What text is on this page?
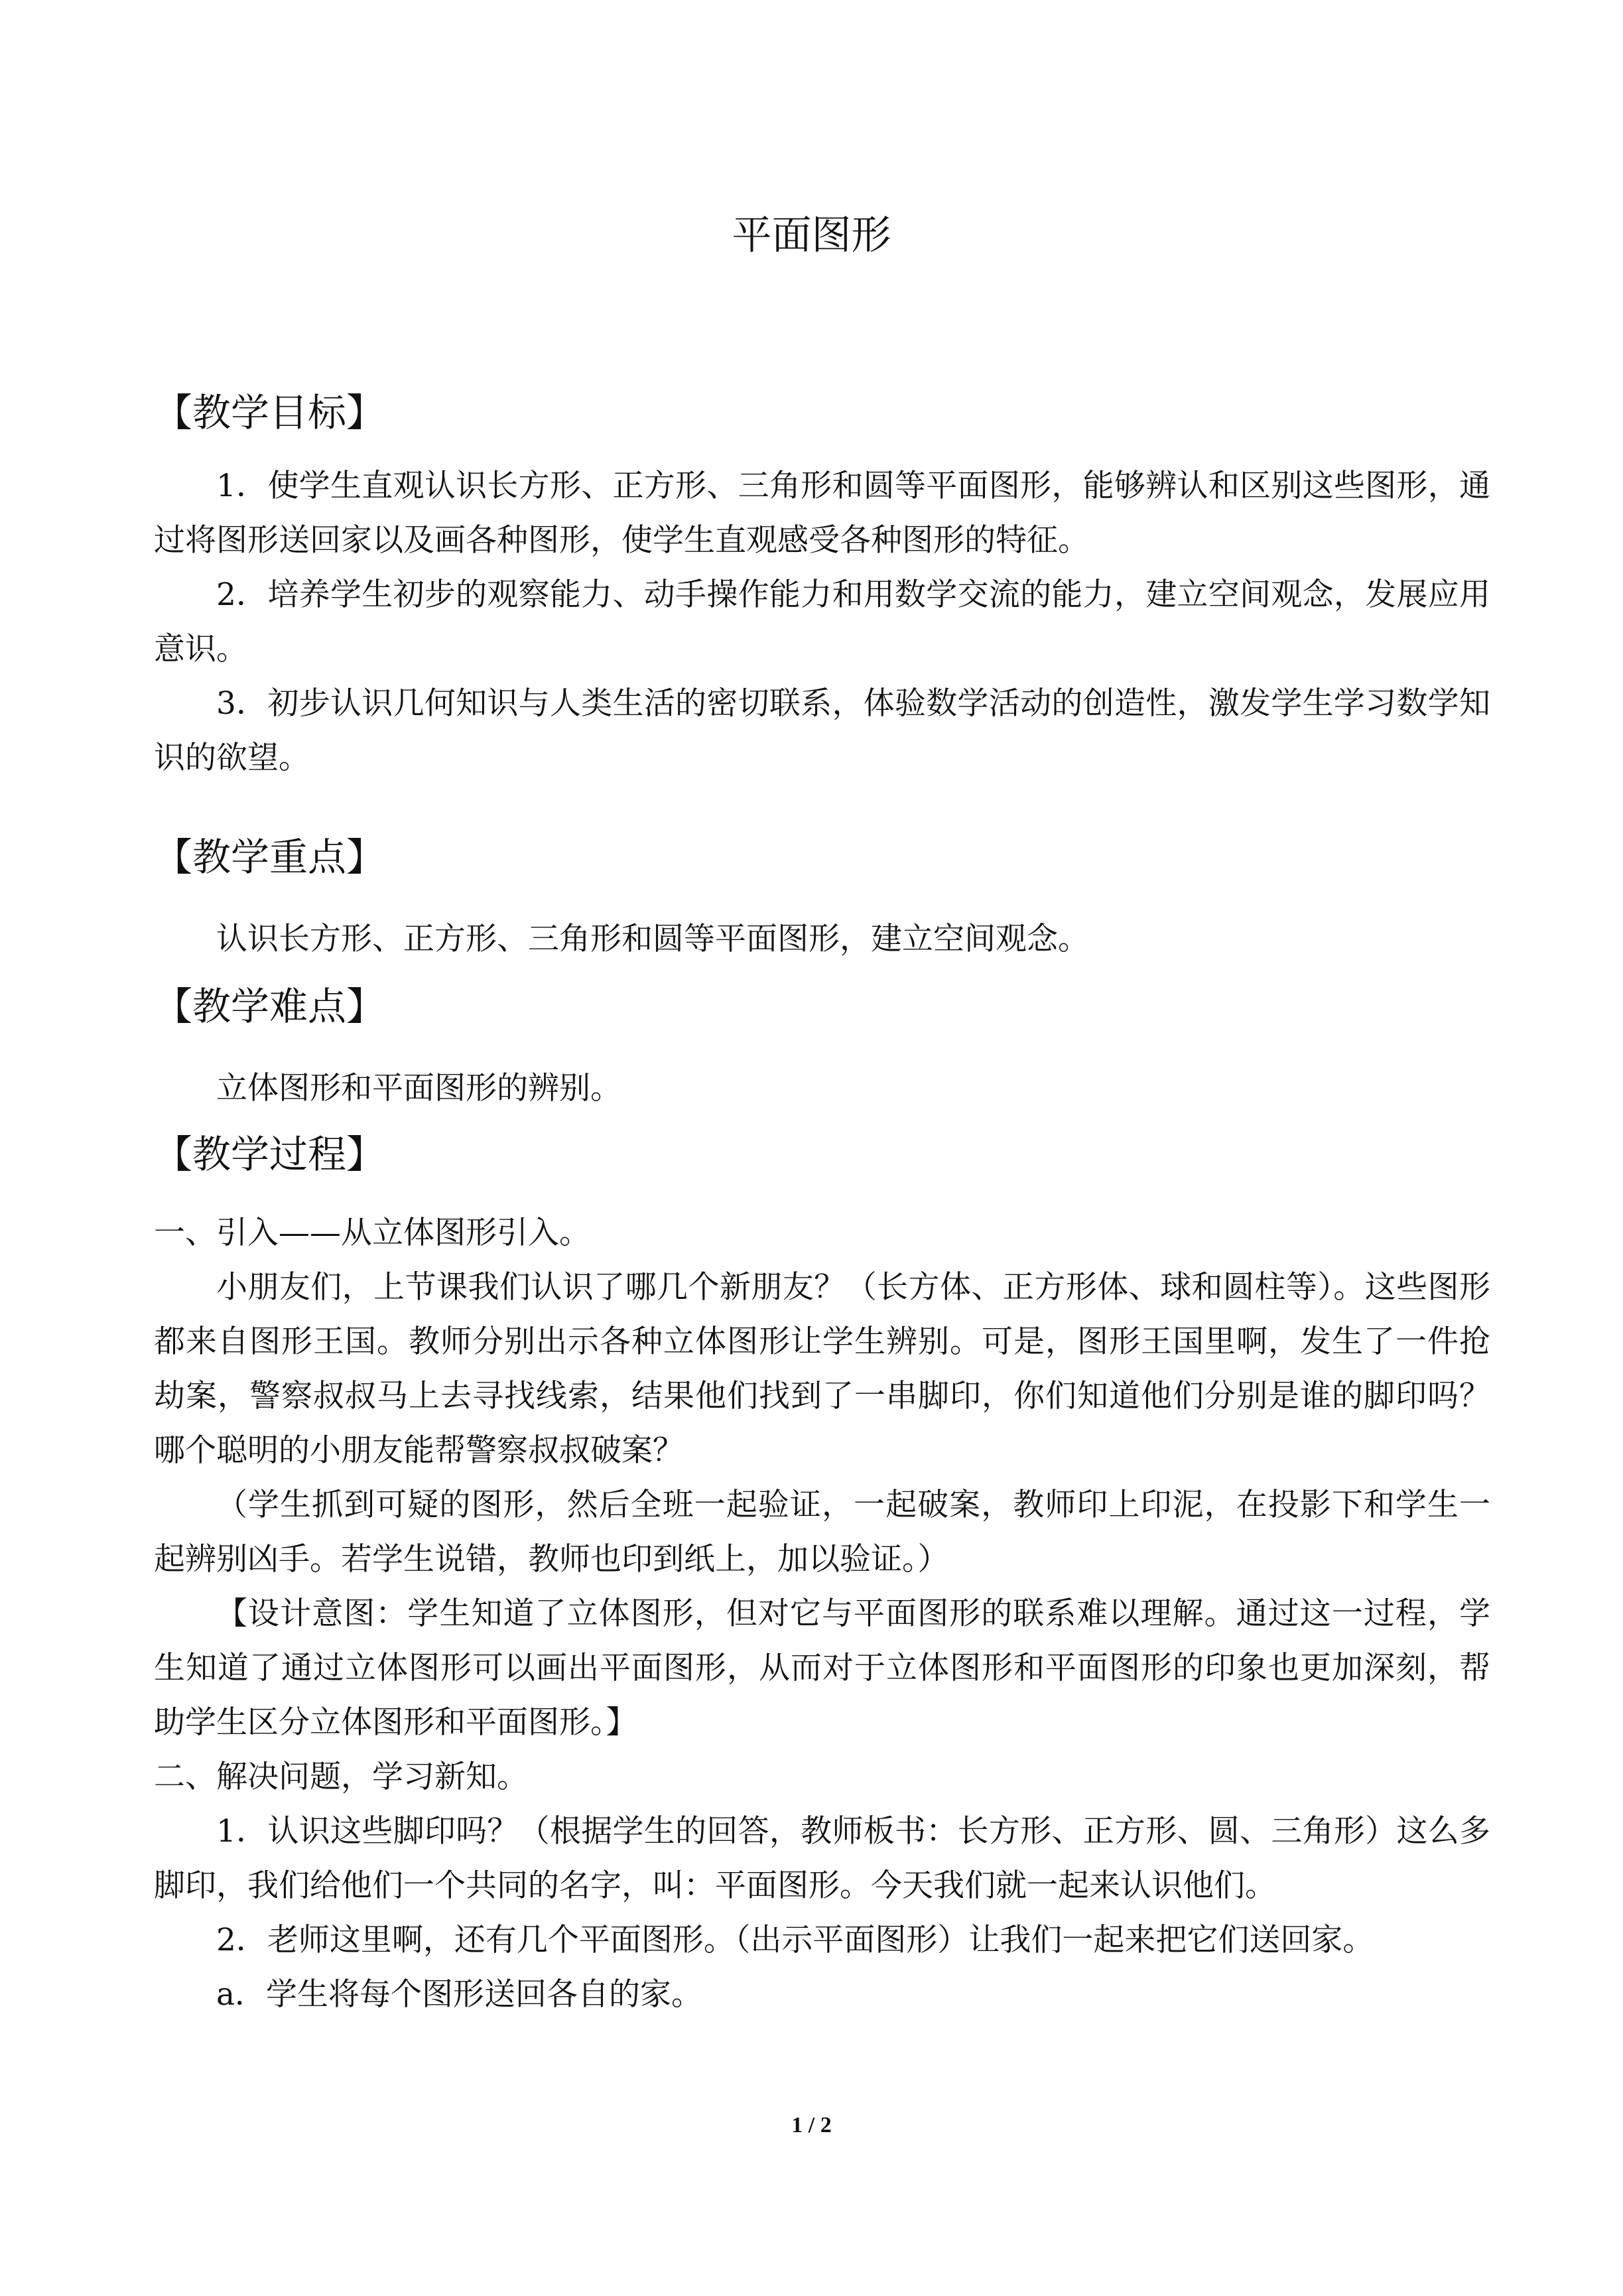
平面图形
【教学目标】

1．使学生直观认识长方形、正方形、三角形和圆等平面图形，能够辨认和区别这些图形，通过将图形送回家以及画各种图形，使学生直观感受各种图形的特征。

2．培养学生初步的观察能力、动手操作能力和用数学交流的能力，建立空间观念，发展应用意识。

3．初步认识几何知识与人类生活的密切联系，体验数学活动的创造性，激发学生学习数学知识的欲望。

【教学重点】

认识长方形、正方形、三角形和圆等平面图形，建立空间观念。

【教学难点】

立体图形和平面图形的辨别。

【教学过程】

一、引入——从立体图形引入。

小朋友们，上节课我们认识了哪几个新朋友？（长方体、正方形体、球和圆柱等）。这些图形都来自图形王国。教师分别出示各种立体图形让学生辨别。可是，图形王国里啊，发生了一件抢劫案，警察叔叔马上去寻找线索，结果他们找到了一串脚印，你们知道他们分别是谁的脚印吗？哪个聪明的小朋友能帮警察叔叔破案？

（学生抓到可疑的图形，然后全班一起验证，一起破案，教师印上印泥，在投影下和学生一起辨别凶手。若学生说错，教师也印到纸上，加以验证。）

【设计意图：学生知道了立体图形，但对它与平面图形的联系难以理解。通过这一过程，学生知道了通过立体图形可以画出平面图形，从而对于立体图形和平面图形的印象也更加深刻，帮助学生区分立体图形和平面图形。】

二、解决问题，学习新知。

1．认识这些脚印吗？（根据学生的回答，教师板书：长方形、正方形、圆、三角形）这么多脚印，我们给他们一个共同的名字，叫：平面图形。今天我们就一起来认识他们。

2．老师这里啊，还有几个平面图形。（出示平面图形）让我们一起来把它们送回家。

a．学生将每个图形送回各自的家。

1 / 2
